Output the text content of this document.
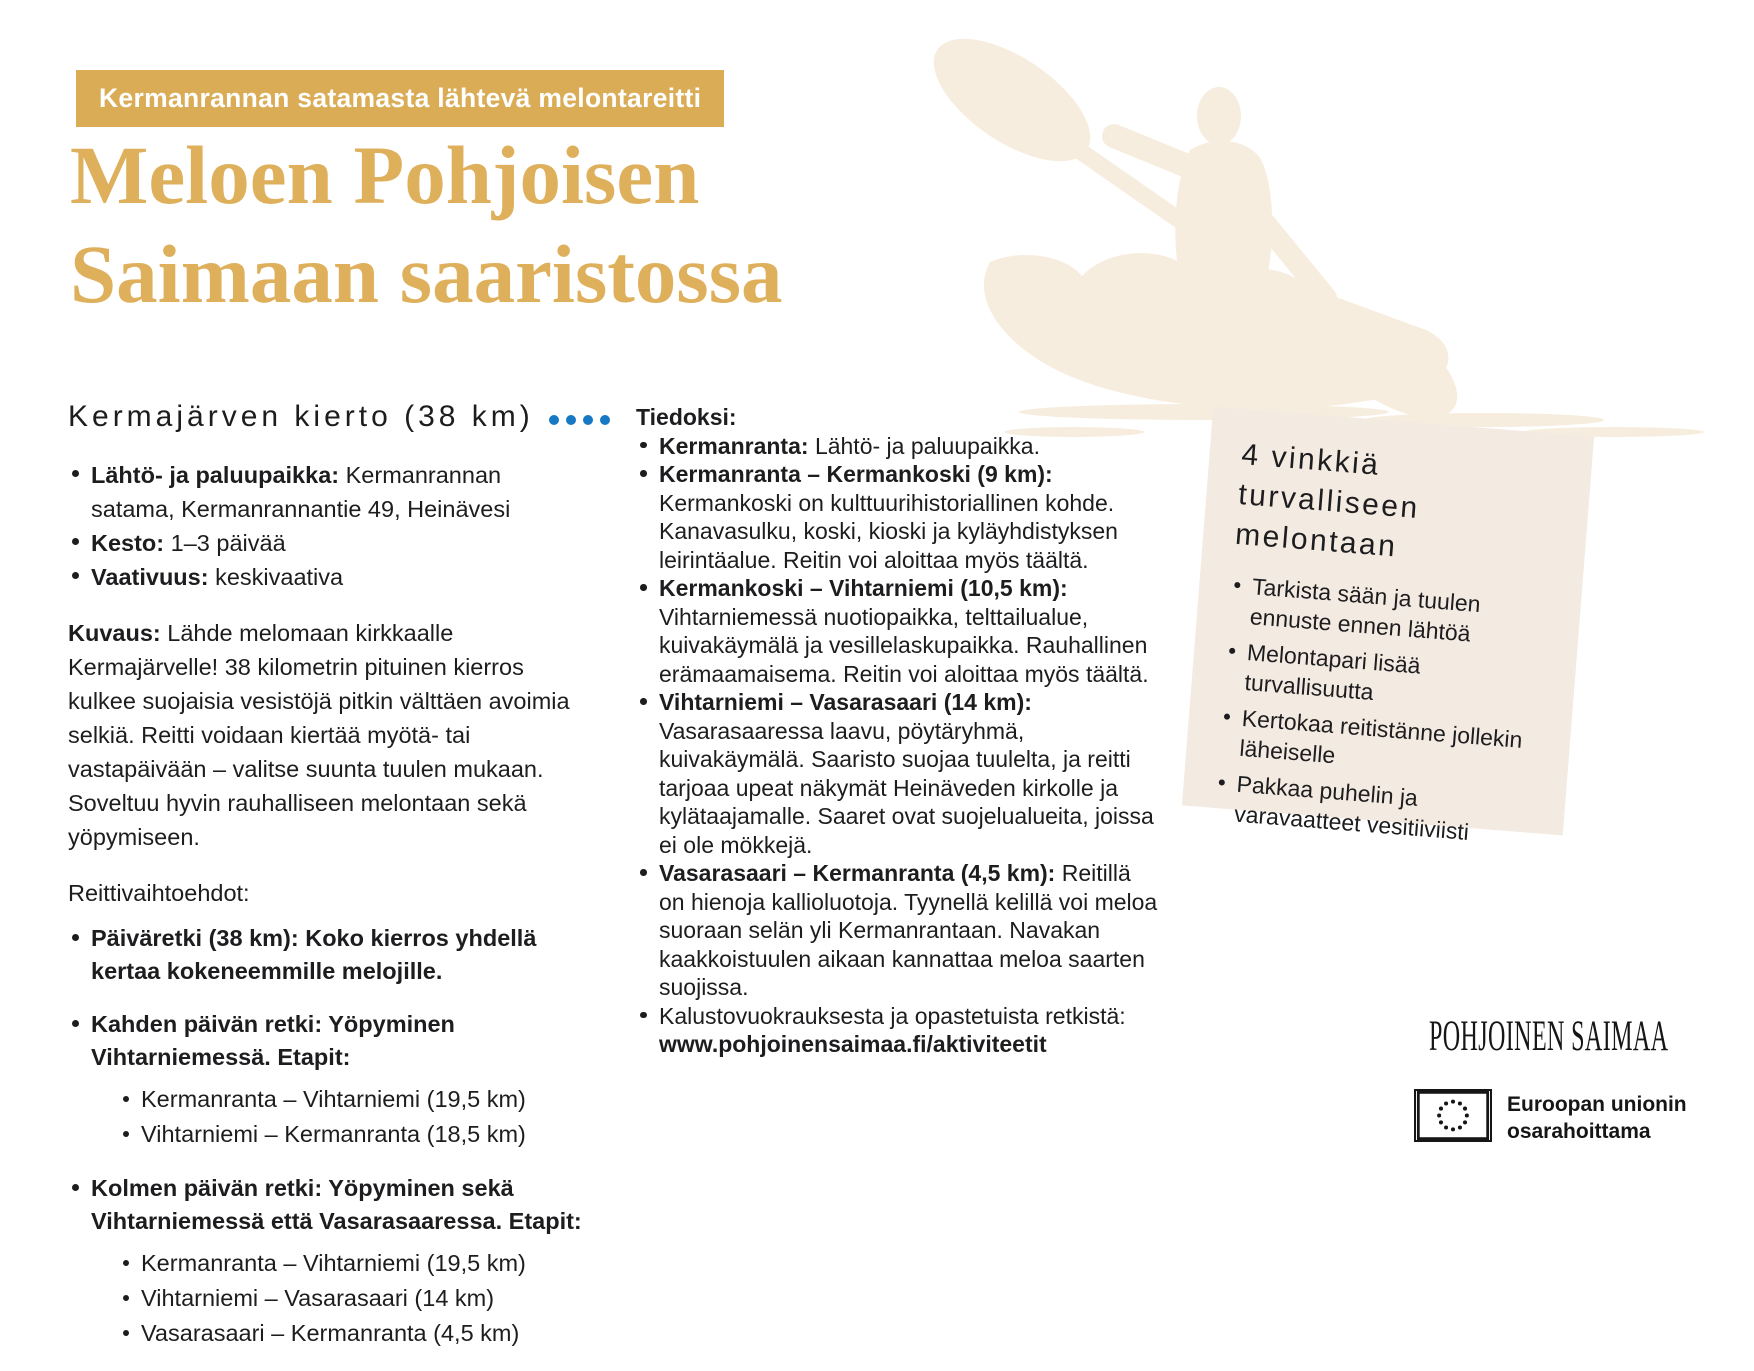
Kermanrannan satamasta lähtevä melontareitti
Meloen Pohjoisen
Saimaan saaristossa
Kermajärven kierto (38 km)
Lähtö- ja paluupaikka: Kermanrannan satama, Kermanrannantie 49, Heinävesi
Kesto: 1–3 päivää
Vaativuus: keskivaativa

Kuvaus: Lähde melomaan kirkkaalle Kermajärvelle! 38 kilometrin pituinen kierros kulkee suojaisia vesistöjä pitkin välttäen avoimia selkiä. Reitti voidaan kiertää myötä- tai vastapäivään – valitse suunta tuulen mukaan. Soveltuu hyvin rauhalliseen melontaan sekä yöpymiseen.

Reittivaihtoehdot:

Päiväretki (38 km): Koko kierros yhdellä kertaa kokeneemmille melojille.
Kahden päivän retki: Yöpyminen Vihtarniemessä. Etapit:
Kermanranta – Vihtarniemi (19,5 km)
Vihtarniemi – Kermanranta (18,5 km)
Kolmen päivän retki: Yöpyminen sekä Vihtarniemessä että Vasarasaaressa. Etapit:
Kermanranta – Vihtarniemi (19,5 km)
Vihtarniemi – Vasarasaari (14 km)
Vasarasaari – Kermanranta (4,5 km)
Tiedoksi:
Kermanranta: Lähtö- ja paluupaikka.
Kermanranta – Kermankoski (9 km): Kermankoski on kulttuurihistoriallinen kohde. Kanavasulku, koski, kioski ja kyläyhdistyksen leirintäalue. Reitin voi aloittaa myös täältä.
Kermankoski – Vihtarniemi (10,5 km): Vihtarniemessä nuotiopaikka, telttailualue, kuivakäymälä ja vesillelaskupaikka. Rauhallinen erämaamaisema. Reitin voi aloittaa myös täältä.
Vihtarniemi – Vasarasaari (14 km): Vasarasaaressa laavu, pöytäryhmä, kuivakäymälä. Saaristo suojaa tuulelta, ja reitti tarjoaa upeat näkymät Heinäveden kirkolle ja kylätaajamalle. Saaret ovat suojelualueita, joissa ei ole mökkejä.
Vasarasaari – Kermanranta (4,5 km): Reitillä on hienoja kallioluotoja. Tyynellä kelillä voi meloa suoraan selän yli Kermanrantaan. Navakan kaakkoistuulen aikaan kannattaa meloa saarten suojissa.
Kalustovuokrauksesta ja opastetuista retkistä:
www.pohjoinensaimaa.fi/aktiviteetit
4 vinkkiä turvalliseen melontaan
Tarkista sään ja tuulen ennuste ennen lähtöä
Melontapari lisää turvallisuutta
Kertokaa reitistänne jollekin läheiselle
Pakkaa puhelin ja varavaatteet vesitiiviisti
POHJOINEN SAIMAA
Euroopan unionin
osarahoittama
